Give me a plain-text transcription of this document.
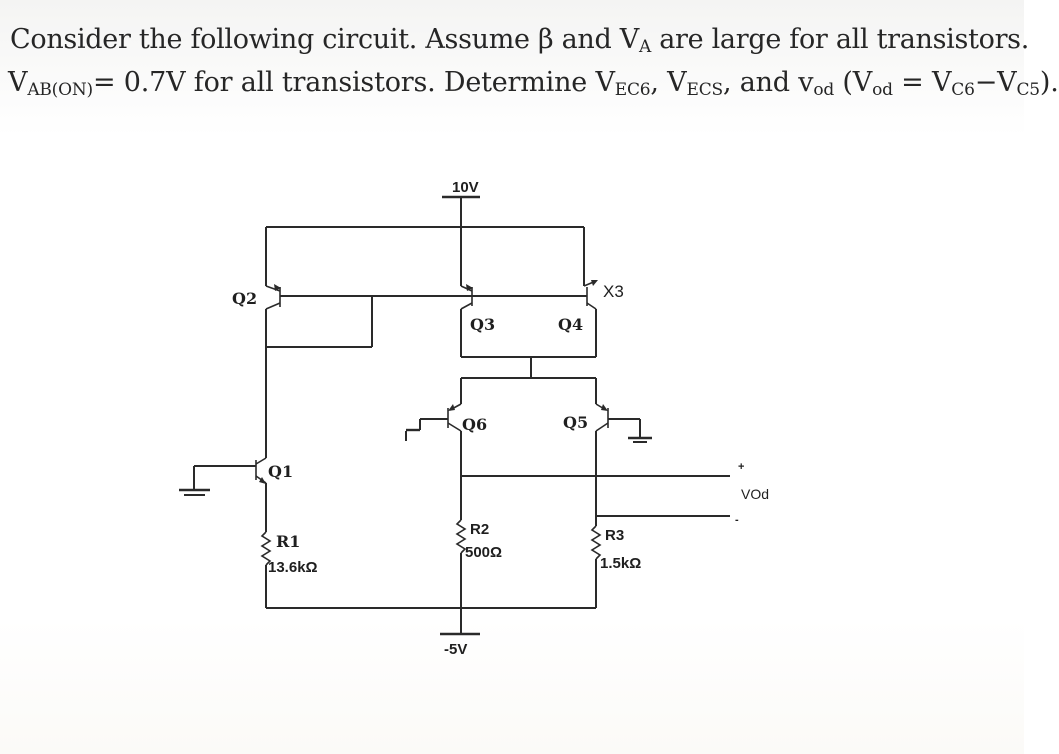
Consider the following circuit. Assume β and $V_A$ are large for all transistors.
$V_{AB(ON)}= 0.7V$ for all transistors. Determine $V_{EC6}$, $V_{ECS}$, and $v_{od}$ $(V_{od} = V_{C6}-V_{C5})$.
10V
-5V
Q2
Q3	Q4
X3
Q6	Q5
+
-
VOd
Q1
R1
13.6kΩ
R2
500Ω
R3
1.5kΩ
